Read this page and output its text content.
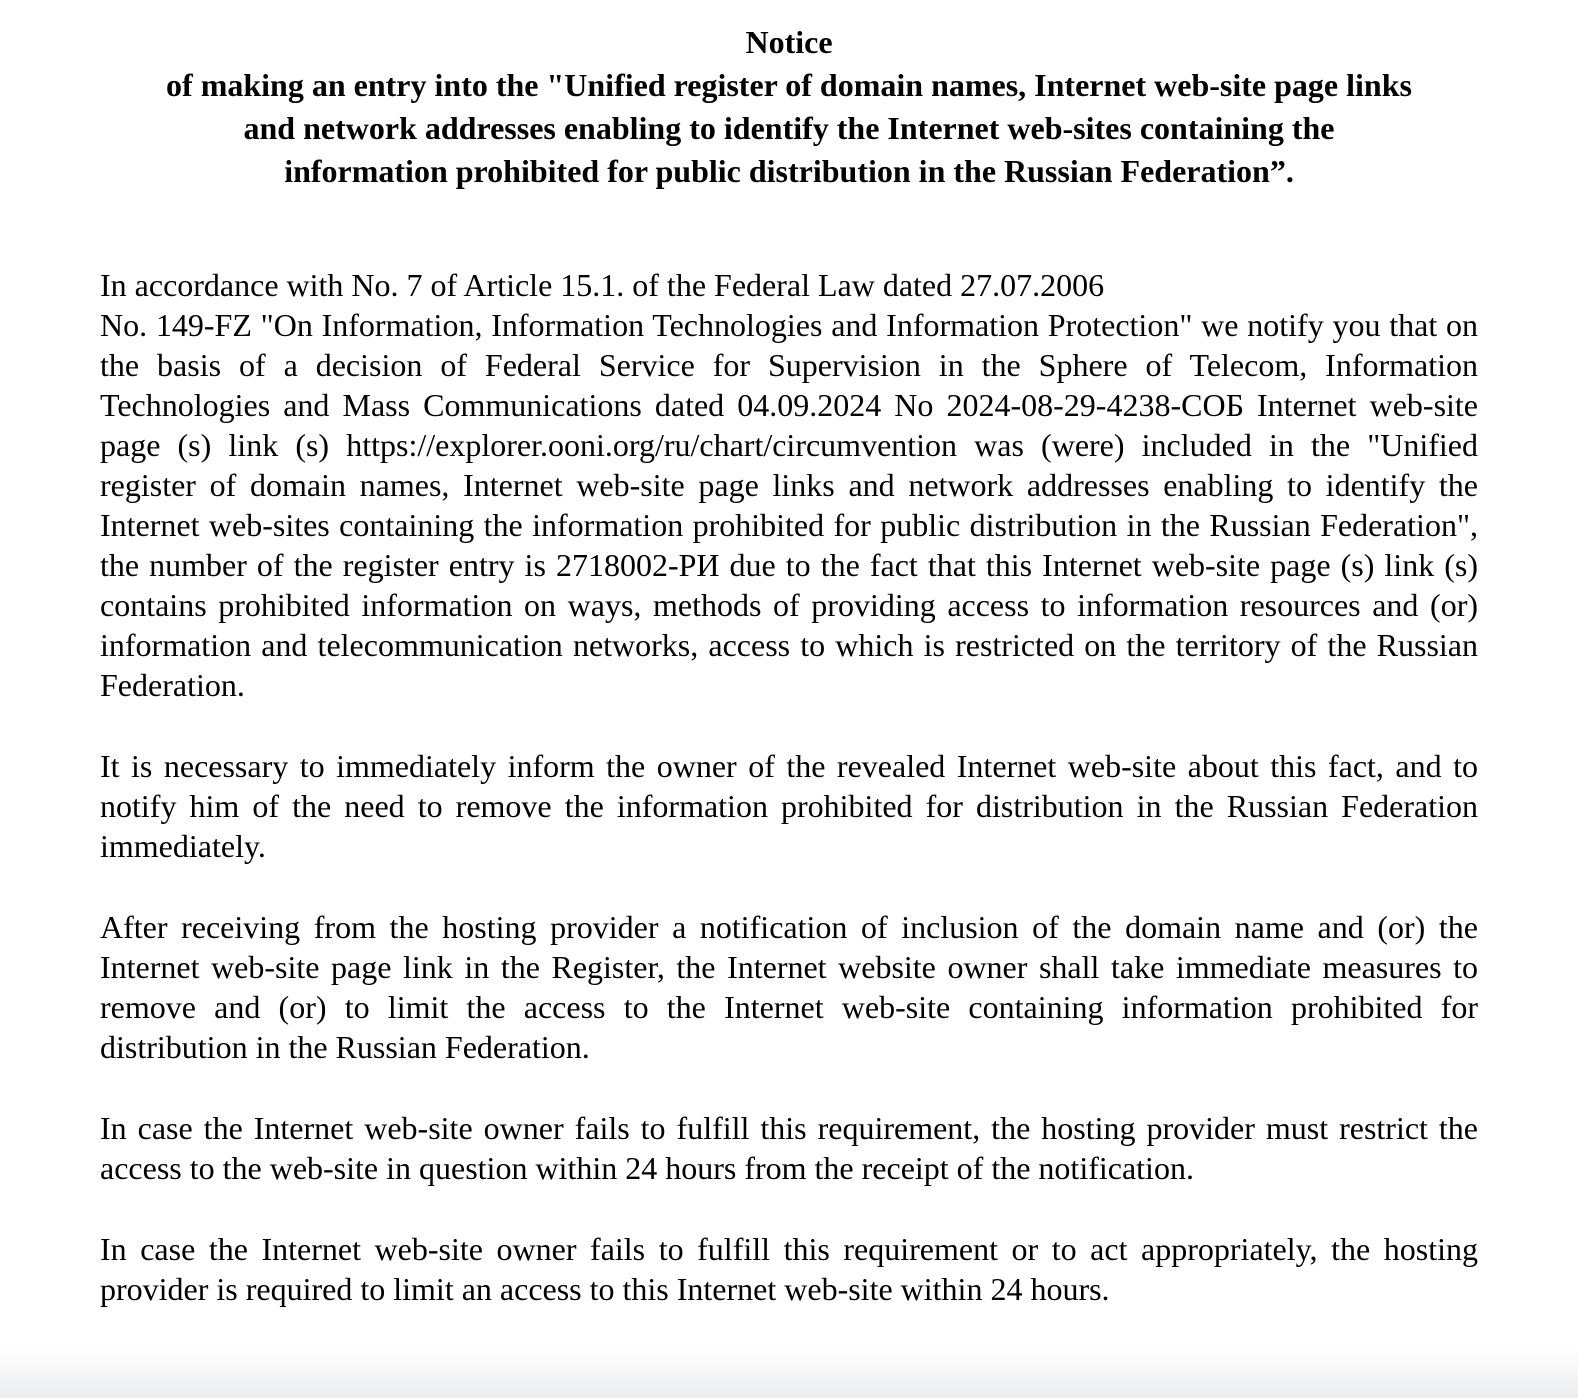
Notice
of making an entry into the "Unified register of domain names, Internet web-site page links
and network addresses enabling to identify the Internet web-sites containing the
information prohibited for public distribution in the Russian Federation”.

In accordance with No. 7 of Article 15.1. of the Federal Law dated 27.07.2006
No. 149-FZ "On Information, Information Technologies and Information Protection" we notify you that on the basis of a decision of Federal Service for Supervision in the Sphere of Telecom, Information Technologies and Mass Communications dated 04.09.2024 No 2024-08-29-4238-СОБ Internet web-site page (s) link (s) https://explorer.ooni.org/ru/chart/circumvention was (were) included in the "Unified register of domain names, Internet web-site page links and network addresses enabling to identify the Internet web-sites containing the information prohibited for public distribution in the Russian Federation", the number of the register entry is 2718002-РИ due to the fact that this Internet web-site page (s) link (s) contains prohibited information on ways, methods of providing access to information resources and (or) information and telecommunication networks, access to which is restricted on the territory of the Russian Federation.

It is necessary to immediately inform the owner of the revealed Internet web-site about this fact, and to notify him of the need to remove the information prohibited for distribution in the Russian Federation immediately.

After receiving from the hosting provider a notification of inclusion of the domain name and (or) the Internet web-site page link in the Register, the Internet website owner shall take immediate measures to remove and (or) to limit the access to the Internet web-site containing information prohibited for distribution in the Russian Federation.

In case the Internet web-site owner fails to fulfill this requirement, the hosting provider must restrict the access to the web-site in question within 24 hours from the receipt of the notification.

In case the Internet web-site owner fails to fulfill this requirement or to act appropriately, the hosting provider is required to limit an access to this Internet web-site within 24 hours.
